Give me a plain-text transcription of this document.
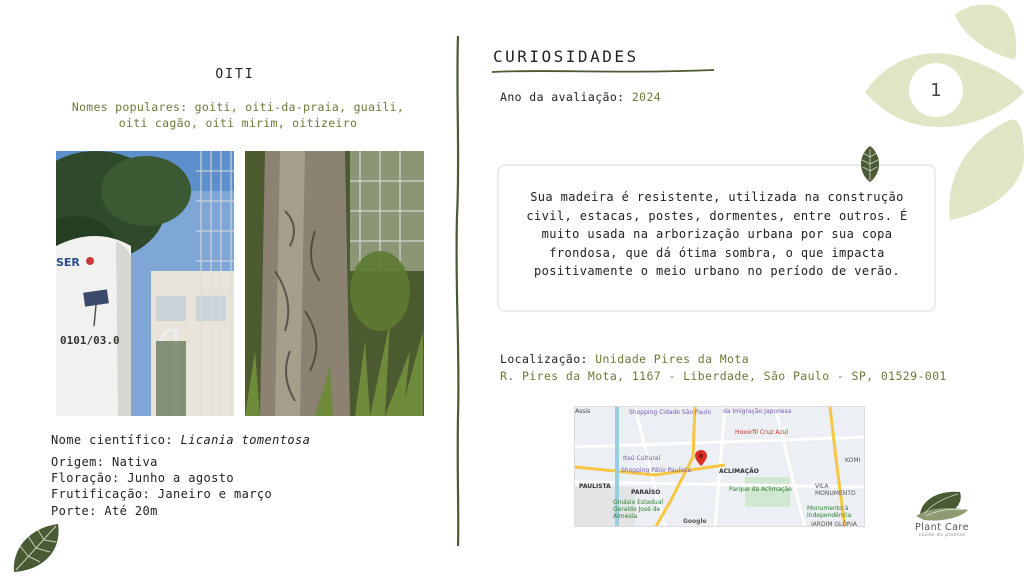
OITI
Nomes populares: goiti, oiti-da-praia, guaili, oiti cagão, oiti mirim, oitizeiro
SER
0101/03.0
Nome científico: Licania tomentosa
Origem: Nativa
Floração: Junho a agosto
Frutificação: Janeiro e março
Porte: Até 20m
CURIOSIDADES
Ano da avaliação: 2024
Sua madeira é resistente, utilizada na construção civil, estacas, postes, dormentes, entre outros. É muito usada na arborização urbana por sua copa frondosa, que dá ótima sombra, o que impacta positivamente o meio urbano no período de verão.
Localização: Unidade Pires da Mota
R. Pires da Mota, 1167 - Liberdade, São Paulo - SP, 01529-001
Assis	Shopping Cidade São Paulo da Imigração Japonesa
Hoxorfil Cruz Azul
Itaú Cultural
Shopping Pátio Paulista	ACLIMAÇÃO
PAULISTA
PARAÍSO	Parque da Aclimação
Ginásio Estadual Geraldo José de Almeida
VILA MONUMENTO
Monumento à Independência
Google
KOMI
JARDIM GLÓRIA
1
Plant Care
saúde de plantas
